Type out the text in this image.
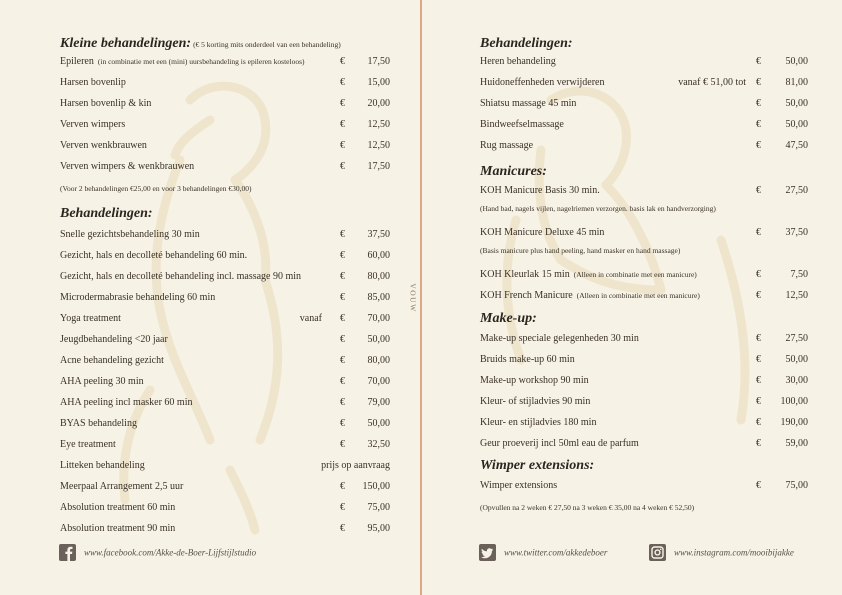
Kleine behandelingen: (€ 5 korting mits onderdeel van een behandeling)
Epileren (in combinatie met een (mini) uursbehandeling is epileren kosteloos)	€	17,50
Harsen bovenlip	€	15,00
Harsen bovenlip & kin	€	20,00
Verven wimpers	€	12,50
Verven wenkbrauwen	€	12,50
Verven wimpers & wenkbrauwen	€	17,50
(Voor 2 behandelingen €25,00 en voor 3 behandelingen €30,00)
Behandelingen:
Snelle gezichtsbehandeling 30 min	€	37,50
Gezicht, hals en decolleté behandeling 60 min.	€	60,00
Gezicht, hals en decolleté behandeling incl. massage 90 min	€	80,00
Microdermabrasie behandeling 60 min	€	85,00
Yoga treatment	vanaf €	70,00
Jeugdbehandeling <20 jaar	€	50,00
Acne behandeling gezicht	€	80,00
AHA peeling 30 min	€	70,00
AHA peeling incl masker 60 min	€	79,00
BYAS behandeling	€	50,00
Eye treatment	€	32,50
Litteken behandeling	prijs op aanvraag
Meerpaal Arrangement 2,5 uur	€	150,00
Absolution treatment 60 min	€	75,00
Absolution treatment 90 min	€	95,00
www.facebook.com/Akke-de-Boer-Lijfstijlstudio
VOUW
Behandelingen:
Heren behandeling	€	50,00
Huidoneffenheden verwijderen	vanaf € 51,00 tot €	81,00
Shiatsu massage 45 min	€	50,00
Bindweefselmassage	€	50,00
Rug massage	€	47,50
Manicures:
KOH Manicure Basis 30 min.	€	27,50
(Hand bad, nagels vijlen, nagelriemen verzorgen. basis lak en handverzorging)
KOH Manicure Deluxe 45 min	€	37,50
(Basis manicure plus hand peeling, hand masker en hand massage)
KOH Kleurlak 15 min (Alleen in combinatie met een manicure)	€	7,50
KOH French Manicure (Alleen in combinatie met een manicure)	€	12,50
Make-up:
Make-up speciale gelegenheden 30 min	€	27,50
Bruids make-up 60 min	€	50,00
Make-up workshop 90 min	€	30,00
Kleur- of stijladvies 90 min	€	100,00
Kleur- en stijladvies 180 min	€	190,00
Geur proeverij incl 50ml eau de parfum	€	59,00
Wimper extensions:
Wimper extensions	€	75,00
(Opvullen na 2 weken € 27,50 na 3 weken € 35,00 na 4 weken € 52,50)
www.twitter.com/akkedeboer	www.instagram.com/mooibijakke
